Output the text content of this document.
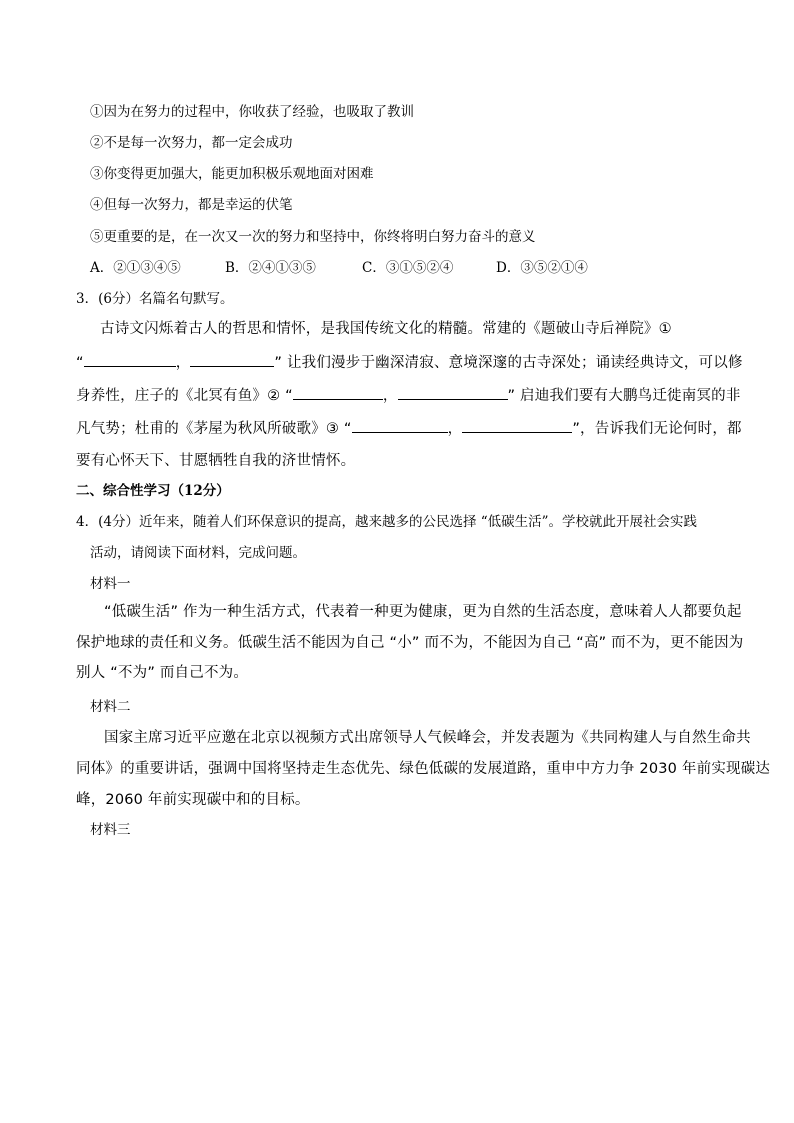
①因为在努力的过程中，你收获了经验，也吸取了教训
②不是每一次努力，都一定会成功
③你变得更加强大，能更加积极乐观地面对困难
④但每一次努力，都是幸运的伏笔
⑤更重要的是，在一次又一次的努力和坚持中，你终将明白努力奋斗的意义
A．②①③④⑤	B．②④①③⑤	C．③①⑤②④	D．③⑤②①④
3．(6分）名篇名句默写。
古诗文闪烁着古人的哲思和情怀，是我国传统文化的精髓。常建的《题破山寺后禅院》①
“	，	” 让我们漫步于幽深清寂、意境深邃的古寺深处；诵读经典诗文，可以修
身养性，庄子的《北冥有鱼》② “	，	” 启迪我们要有大鹏鸟迁徙南冥的非
凡气势；杜甫的《茅屋为秋风所破歌》③ “	，	”，告诉我们无论何时，都
要有心怀天下、甘愿牺牲自我的济世情怀。
二、综合性学习（12分）
4．(4分）近年来，随着人们环保意识的提高，越来越多的公民选择 “低碳生活”。学校就此开展社会实践
活动，请阅读下面材料，完成问题。
材料一
“低碳生活” 作为一种生活方式，代表着一种更为健康，更为自然的生活态度，意味着人人都要负起
保护地球的责任和义务。低碳生活不能因为自己 “小” 而不为，不能因为自己 “高” 而不为，更不能因为
别人 “不为” 而自己不为。
材料二
国家主席习近平应邀在北京以视频方式出席领导人气候峰会，并发表题为《共同构建人与自然生命共
同体》的重要讲话，强调中国将坚持走生态优先、绿色低碳的发展道路，重申中方力争 2030 年前实现碳达
峰，2060 年前实现碳中和的目标。
材料三
